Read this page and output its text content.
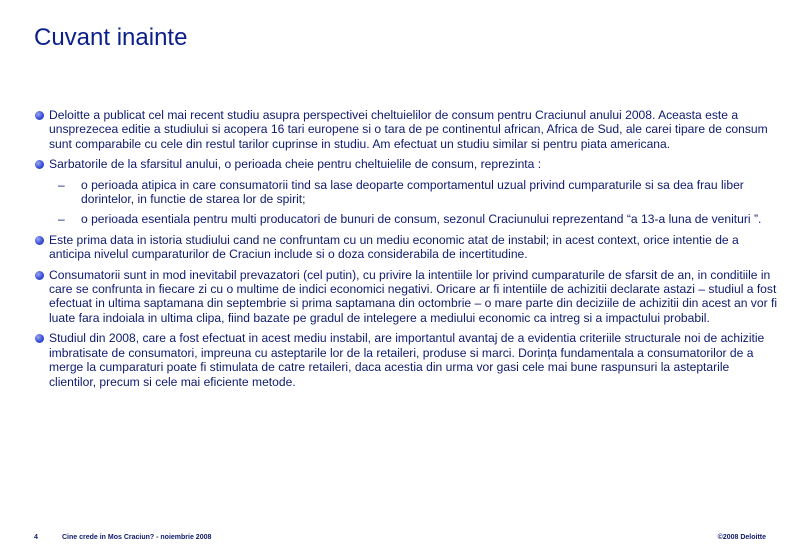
Cuvant inainte
Deloitte a publicat cel mai recent studiu asupra perspectivei cheltuielilor de consum pentru Craciunul anului 2008. Aceasta este a unsprezecea editie a studiului si acopera 16 tari europene si o tara de pe continentul african, Africa de Sud, ale carei tipare de consum sunt comparabile cu cele din restul tarilor cuprinse in studiu. Am efectuat un studiu similar si pentru piata americana.
Sarbatorile de la sfarsitul anului, o perioada cheie pentru cheltuielile de consum, reprezinta :
– o perioada atipica in care consumatorii tind sa lase deoparte comportamentul uzual privind cumparaturile si sa dea frau liber dorintelor, in functie de starea lor de spirit;
– o perioada esentiala pentru multi producatori de bunuri de consum, sezonul Craciunului reprezentand “a 13-a luna de venituri ”.
Este prima data in istoria studiului cand ne confruntam cu un mediu economic atat de instabil; in acest context, orice intentie de a anticipa nivelul cumparaturilor de Craciun include si o doza considerabila de incertitudine.
Consumatorii sunt in mod inevitabil prevazatori (cel putin), cu privire la intentiile lor privind cumparaturile de sfarsit de an, in conditiile in care se confrunta in fiecare zi cu o multime de indici economici negativi. Oricare ar fi intentiile de achizitii declarate astazi – studiul a fost efectuat in ultima saptamana din septembrie si prima saptamana din octombrie – o mare parte din deciziile de achizitii din acest an vor fi luate fara indoiala in ultima clipa, fiind bazate pe gradul de intelegere a mediului economic ca intreg si a impactului probabil.
Studiul din 2008, care a fost efectuat in acest mediu instabil, are importantul avantaj de a evidentia criteriile structurale noi de achizitie imbratisate de consumatori, impreuna cu asteptarile lor de la retaileri, produse si marci. Dorința fundamentala a consumatorilor de a merge la cumparaturi poate fi stimulata de catre retaileri, daca acestia din urma vor gasi cele mai bune raspunsuri la asteptarile clientilor, precum si cele mai eficiente metode.
4	Cine crede in Mos Craciun? - noiembrie 2008	©2008 Deloitte
